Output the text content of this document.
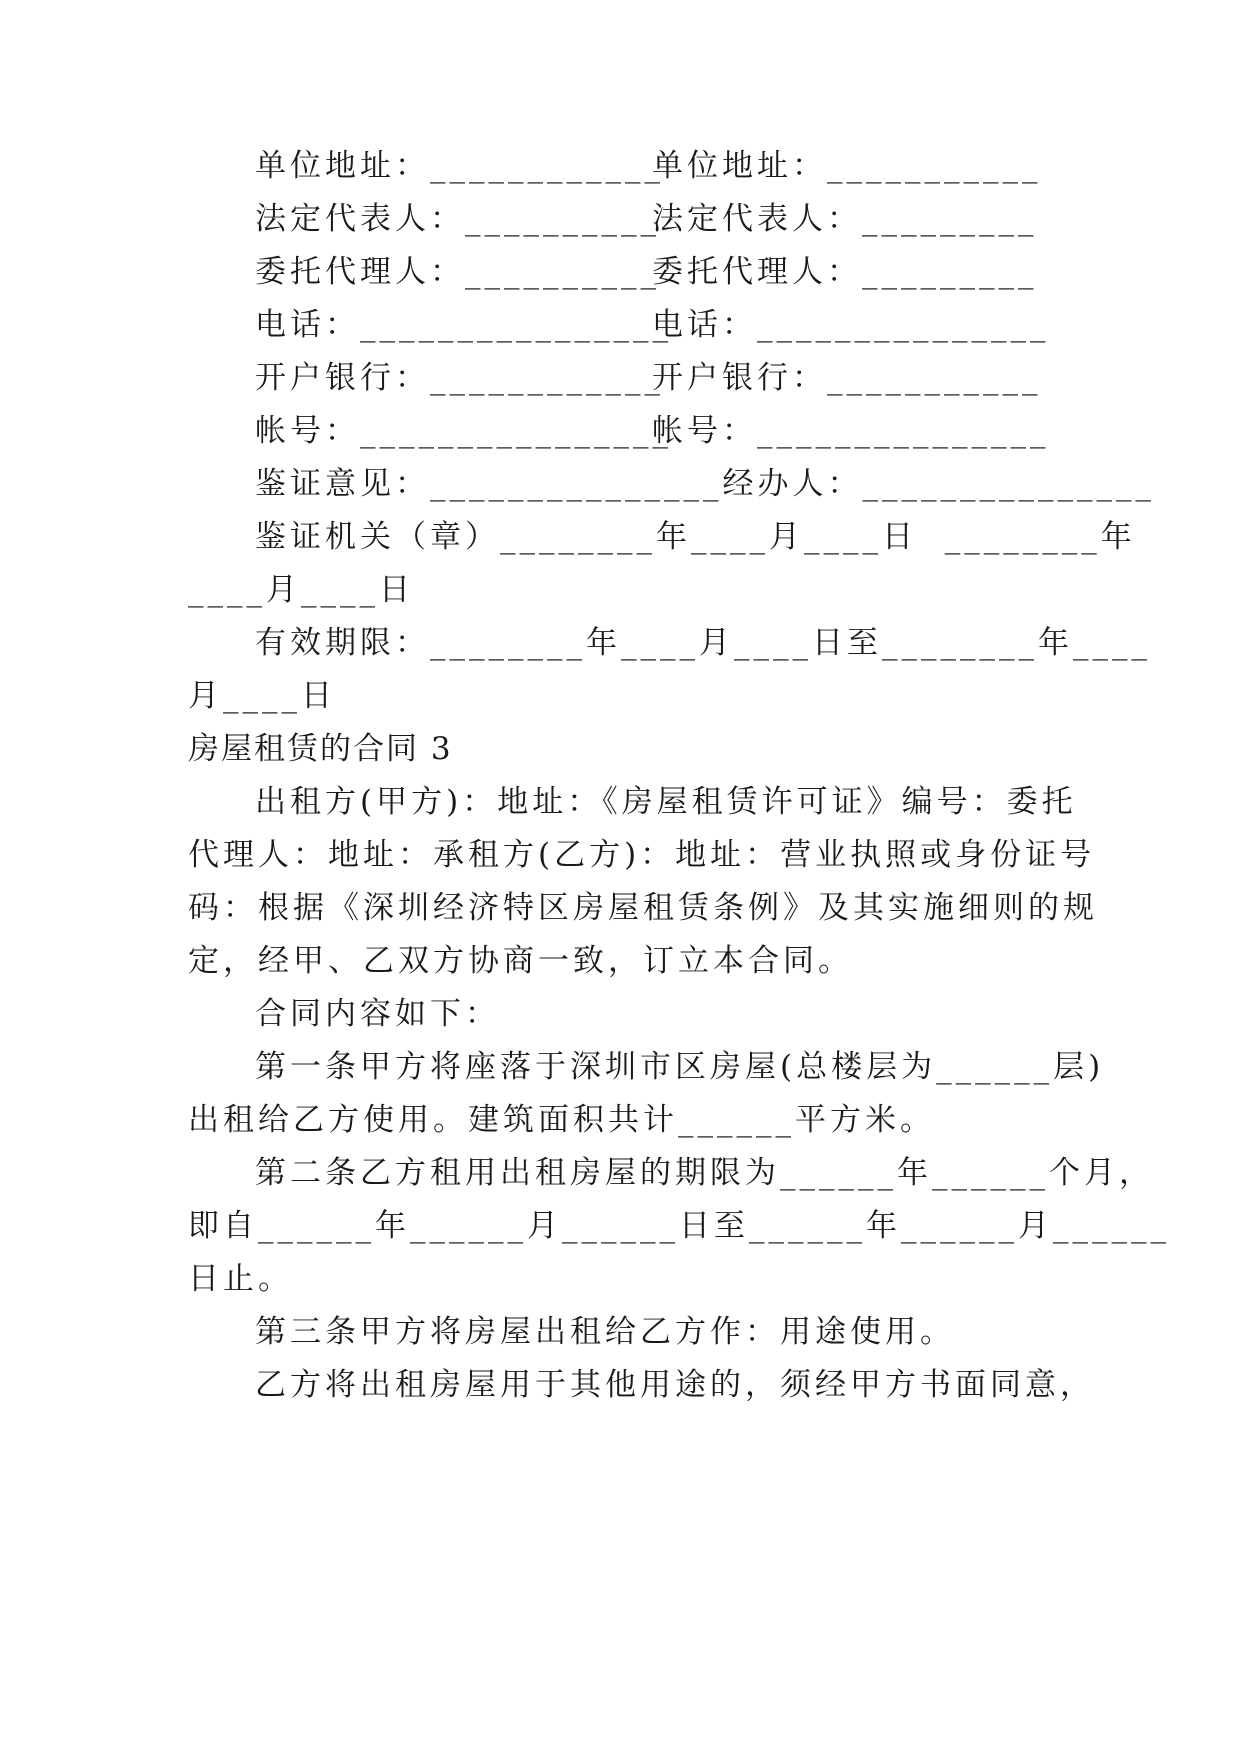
单位地址：____________
单位地址：___________
法定代表人：__________
法定代表人：_________
委托代理人：__________
委托代理人：_________
电话：________________
电话：_______________
开户银行：____________
开户银行：___________
帐号：________________
帐号：_______________
鉴证意见：_______________经办人：_______________
鉴证机关（章）________年____月____日  ________年
____月____日
有效期限：________年____月____日至________年____
月____日
房屋租赁的合同 3
出租方(甲方)：地址：《房屋租赁许可证》编号：委托
代理人：地址：承租方(乙方)：地址：营业执照或身份证号
码：根据《深圳经济特区房屋租赁条例》及其实施细则的规
定，经甲、乙双方协商一致，订立本合同。
合同内容如下：
第一条甲方将座落于深圳市区房屋(总楼层为______层)
出租给乙方使用。建筑面积共计______平方米。
第二条乙方租用出租房屋的期限为______年______个月，
即自______年______月______日至______年______月______
日止。
第三条甲方将房屋出租给乙方作：用途使用。
乙方将出租房屋用于其他用途的，须经甲方书面同意，
